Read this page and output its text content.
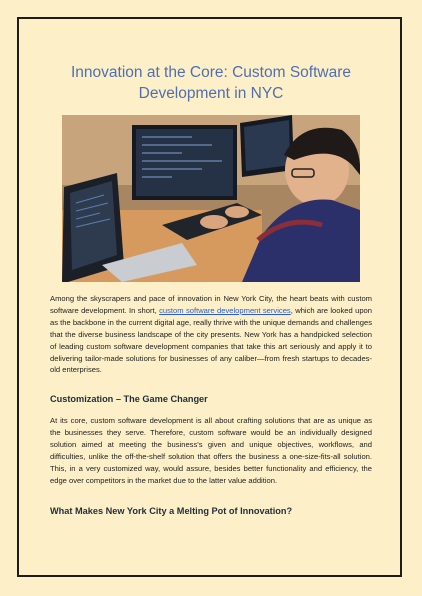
Innovation at the Core: Custom Software Development in NYC

Among the skyscrapers and pace of innovation in New York City, the heart beats with custom software development. In short, custom software development services, which are looked upon as the backbone in the current digital age, really thrive with the unique demands and challenges that the diverse business landscape of the city presents. New York has a handpicked selection of leading custom software development companies that take this art seriously and apply it to delivering tailor-made solutions for businesses of any caliber—from fresh startups to decades-old enterprises.

Customization – The Game Changer

At its core, custom software development is all about crafting solutions that are as unique as the businesses they serve. Therefore, custom software would be an individually designed solution aimed at meeting the business's given and unique objectives, workflows, and difficulties, unlike the off-the-shelf solution that offers the business a one-size-fits-all solution. This, in a very customized way, would assure, besides better functionality and efficiency, the edge over competitors in the market due to the latter value addition.

What Makes New York City a Melting Pot of Innovation?
